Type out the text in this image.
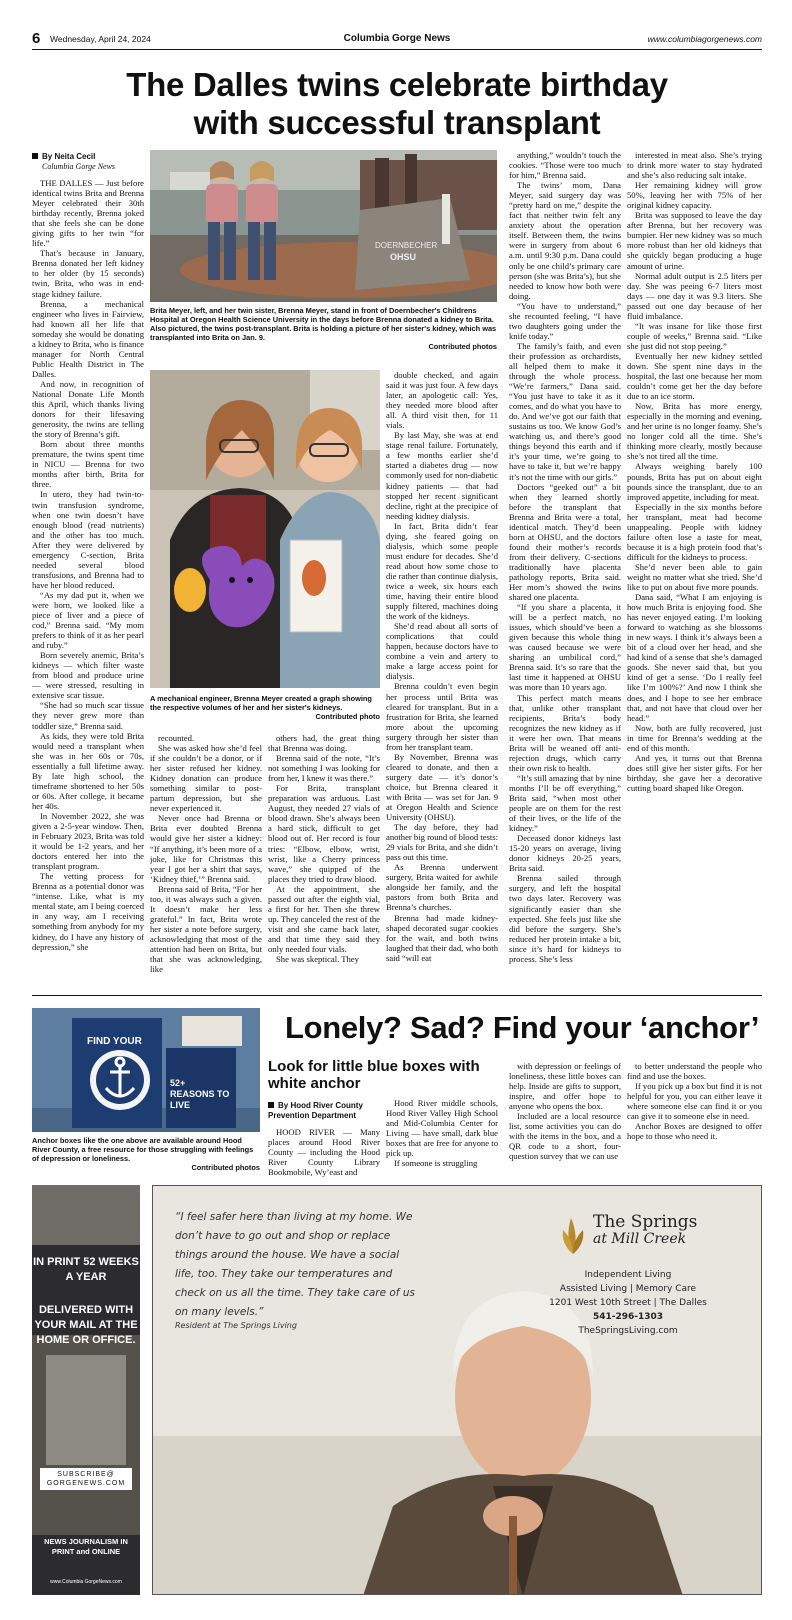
6 Wednesday, April 24, 2024	Columbia Gorge News	www.columbiagorgenews.com
The Dalles twins celebrate birthday
with successful transplant
By Neita Cecil
Columbia Gorge News
DOERNBECHER
OHSU
Brita Meyer, left, and her twin sister, Brenna Meyer, stand in front of Doernbecher's Childrens Hospital at Oregon Health Science University in the days before Brenna donated a kidney to Brita. Also pictured, the twins post-transplant. Brita is holding a picture of her sister's kidney, which was transplanted into Brita on Jan. 9.
Contributed photos
A mechanical engineer, Brenna Meyer created a graph showing the respective volumes of her and her sister's kidneys.
Contributed photo

THE DALLES — Just before identical twins Brita and Brenna Meyer celebrated their 30th birthday recently, Brenna joked that she feels she can be done giving gifts to her twin “for life.”

That’s because in January, Brenna donated her left kidney to her older (by 15 seconds) twin, Brita, who was in end-stage kidney failure.

Brenna, a mechanical engineer who lives in Fairview, had known all her life that someday she would be donating a kidney to Brita, who is finance manager for North Central Public Health District in The Dalles.

And now, in recognition of National Donate Life Month this April, which thanks living donors for their lifesaving generosity, the twins are telling the story of Brenna’s gift.

Born about three months premature, the twins spent time in NICU — Brenna for two months after birth, Brita for three.

In utero, they had twin-to-twin transfusion syndrome, when one twin doesn’t have enough blood (read nutrients) and the other has too much. After they were delivered by emergency C-section, Brita needed several blood transfusions, and Brenna had to have her blood reduced.

“As my dad put it, when we were born, we looked like a piece of liver and a piece of cod,” Brenna said. “My mom prefers to think of it as her pearl and ruby.”

Born severely anemic, Brita’s kidneys — which filter waste from blood and produce urine — were stressed, resulting in extensive scar tissue.

“She had so much scar tissue they never grew more than toddler size,” Brenna said.

As kids, they were told Brita would need a transplant when she was in her 60s or 70s, essentially a full lifetime away. By late high school, the timeframe shortened to her 50s or 60s. After college, it became her 40s.

In November 2022, she was given a 2-5-year window. Then, in February 2023, Brita was told it would be 1-2 years, and her doctors entered her into the transplant program.

The vetting process for Brenna as a potential donor was “intense. Like, what is my mental state, am I being coerced in any way, am I receiving something from anybody for my kidney, do I have any history of depression,” she

recounted.

She was asked how she’d feel if she couldn’t be a donor, or if her sister refused her kidney. Kidney donation can produce something similar to post-partum depression, but she never experienced it.

Never once had Brenna or Brita ever doubted Brenna would give her sister a kidney: “If anything, it’s been more of a joke, like for Christmas this year I got her a shirt that says, ‘Kidney thief,’” Brenna said.

Brenna said of Brita, “For her too, it was always such a given. It doesn’t make her less grateful.” In fact, Brita wrote her sister a note before surgery, acknowledging that most of the attention had been on Brita, but that she was acknowledging, like

others had, the great thing that Brenna was doing.

Brenna said of the note, “It’s not something I was looking for from her, I knew it was there.”

For Brita, transplant preparation was arduous. Last August, they needed 27 vials of blood drawn. She’s always been a hard stick, difficult to get blood out of. Her record is four tries: “Elbow, elbow, wrist, wrist, like a Cherry princess wave,” she quipped of the places they tried to draw blood.

At the appointment, she passed out after the eighth vial, a first for her. Then she threw up. They canceled the rest of the visit and she came back later, and that time they said they only needed four vials.

She was skeptical. They

double checked, and again said it was just four. A few days later, an apologetic call: Yes, they needed more blood after all. A third visit then, for 11 vials.

By last May, she was at end stage renal failure. Fortunately, a few months earlier she’d started a diabetes drug — now commonly used for non-diabetic kidney patients — that had stopped her recent significant decline, right at the precipice of needing kidney dialysis.

In fact, Brita didn’t fear dying, she feared going on dialysis, which some people must endure for decades. She’d read about how some chose to die rather than continue dialysis, twice a week, six hours each time, having their entire blood supply filtered, machines doing the work of the kidneys.

She’d read about all sorts of complications that could happen, because doctors have to combine a vein and artery to make a large access point for dialysis.

Brenna couldn’t even begin her process until Brita was cleared for transplant. But in a frustration for Brita, she learned more about the upcoming surgery through her sister than from her transplant team.

By November, Brenna was cleared to donate, and then a surgery date — it’s donor’s choice, but Brenna cleared it with Brita — was set for Jan. 9 at Oregon Health and Science University (OHSU).

The day before, they had another big round of blood tests: 29 vials for Brita, and she didn’t pass out this time.

As Brenna underwent surgery, Brita waited for awhile alongside her family, and the pastors from both Brita and Brenna’s churches.

Brenna had made kidney-shaped decorated sugar cookies for the wait, and both twins laughed that their dad, who both said “will eat

anything,” wouldn’t touch the cookies. “Those were too much for him,” Brenna said.

The twins’ mom, Dana Meyer, said surgery day was “pretty hard on me,” despite the fact that neither twin felt any anxiety about the operation itself. Between them, the twins were in surgery from about 6 a.m. until 9:30 p.m. Dana could only be one child’s primary care person (she was Brita’s), but she needed to know how both were doing.

“You have to understand,” she recounted feeling, “I have two daughters going under the knife today.”

The family’s faith, and even their profession as orchardists, all helped them to make it through the whole process. “We’re farmers,” Dana said. “You just have to take it as it comes, and do what you have to do. And we’ve got our faith that sustains us too. We know God’s watching us, and there’s good things beyond this earth and if it’s your time, we’re going to have to take it, but we’re happy it’s not the time with our girls.”

Doctors “geeked out” a bit when they learned shortly before the transplant that Brenna and Brita were a total, identical match. They’d been born at OHSU, and the doctors found their mother’s records from their delivery. C-sections traditionally have placenta pathology reports, Brita said. Her mom’s showed the twins shared one placenta.

“If you share a placenta, it will be a perfect match, no issues, which should’ve been a given because this whole thing was caused because we were sharing an umbilical cord,” Brenna said. It’s so rare that the last time it happened at OHSU was more than 10 years ago.

This perfect match means that, unlike other transplant recipients, Brita’s body recognizes the new kidney as if it were her own. That means Brita will be weaned off anti-rejection drugs, which carry their own risk to health.

“It’s still amazing that by nine months I’ll be off everything,” Brita said, “when most other people are on them for the rest of their lives, or the life of the kidney.”

Deceased donor kidneys last 15-20 years on average, living donor kidneys 20-25 years, Brita said.

Brenna sailed through surgery, and left the hospital two days later. Recovery was significantly easier than she expected. She feels just like she did before the surgery. She’s reduced her protein intake a bit, since it’s hard for kidneys to process. She’s less

interested in meat also. She’s trying to drink more water to stay hydrated and she’s also reducing salt intake.

Her remaining kidney will grow 50%, leaving her with 75% of her original kidney capacity.

Brita was supposed to leave the day after Brenna, but her recovery was bumpier. Her new kidney was so much more robust than her old kidneys that she quickly began producing a huge amount of urine.

Normal adult output is 2.5 liters per day. She was peeing 6-7 liters most days — one day it was 9.3 liters. She passed out one day because of her fluid imbalance.

“It was insane for like those first couple of weeks,” Brenna said. “Like she just did not stop peeing.”

Eventually her new kidney settled down. She spent nine days in the hospital, the last one because her mom couldn’t come get her the day before due to an ice storm.

Now, Brita has more energy, especially in the morning and evening, and her urine is no longer foamy. She’s no longer cold all the time. She’s thinking more clearly, mostly because she’s not tired all the time.

Always weighing barely 100 pounds, Brita has put on about eight pounds since the transplant, due to an improved appetite, including for meat.

Especially in the six months before her transplant, meat had become unappealing. People with kidney failure often lose a taste for meat, because it is a high protein food that’s difficult for the kidneys to process.

She’d never been able to gain weight no matter what she tried. She’d like to put on about five more pounds.

Dana said, “What I am enjoying is how much Brita is enjoying food. She has never enjoyed eating. I’m looking forward to watching as she blossoms in new ways. I think it’s always been a bit of a cloud over her head, and she had kind of a sense that she’s damaged goods. She never said that, but you kind of get a sense. ‘Do I really feel like I’m 100%?’ And now I think she does, and I hope to see her embrace that, and not have that cloud over her head.”

Now, both are fully recovered, just in time for Brenna’s wedding at the end of this month.

And yes, it turns out that Brenna does still give her sister gifts. For her birthday, she gave her a decorative cutting board shaped like Oregon.

FIND YOUR
52+ REASONS TO LIVE
Anchor boxes like the one above are available around Hood River County, a free resource for those struggling with feelings of depression or loneliness.
Contributed photos
Lonely? Sad? Find your ‘anchor’
Look for little blue boxes with white anchor
By Hood River County Prevention Department

HOOD RIVER — Many places around Hood River County — including the Hood River County Library Bookmobile, Wy’east and

Hood River middle schools, Hood River Valley High School and Mid-Columbia Center for Living — have small, dark blue boxes that are free for anyone to pick up.

If someone is struggling

with depression or feelings of loneliness, these little boxes can help. Inside are gifts to support, inspire, and offer hope to anyone who opens the box.

Included are a local resource list, some activities you can do with the items in the box, and a QR code to a short, four-question survey that we can use

to better understand the people who find and use the boxes.

If you pick up a box but find it is not helpful for you, you can either leave it where someone else can find it or you can give it to someone else in need.

Anchor Boxes are designed to offer hope to those who need it.

IN PRINT 52 WEEKS A YEAR
DELIVERED WITH YOUR MAIL AT THE HOME OR OFFICE.
SUBSCRIBE@ GORGENEWS.COM
NEWS JOURNALISM IN PRINT and ONLINE
www.Columbia GorgeNews.com
“I feel safer here than living at my home. We don’t have to go out and shop or replace things around the house. We have a social life, too. They take our temperatures and check on us all the time. They take care of us on many levels.”
Resident at The Springs Living
The Springs
at Mill Creek
Independent Living
Assisted Living | Memory Care
1201 West 10th Street | The Dalles
541-296-1303
TheSpringsLiving.com
